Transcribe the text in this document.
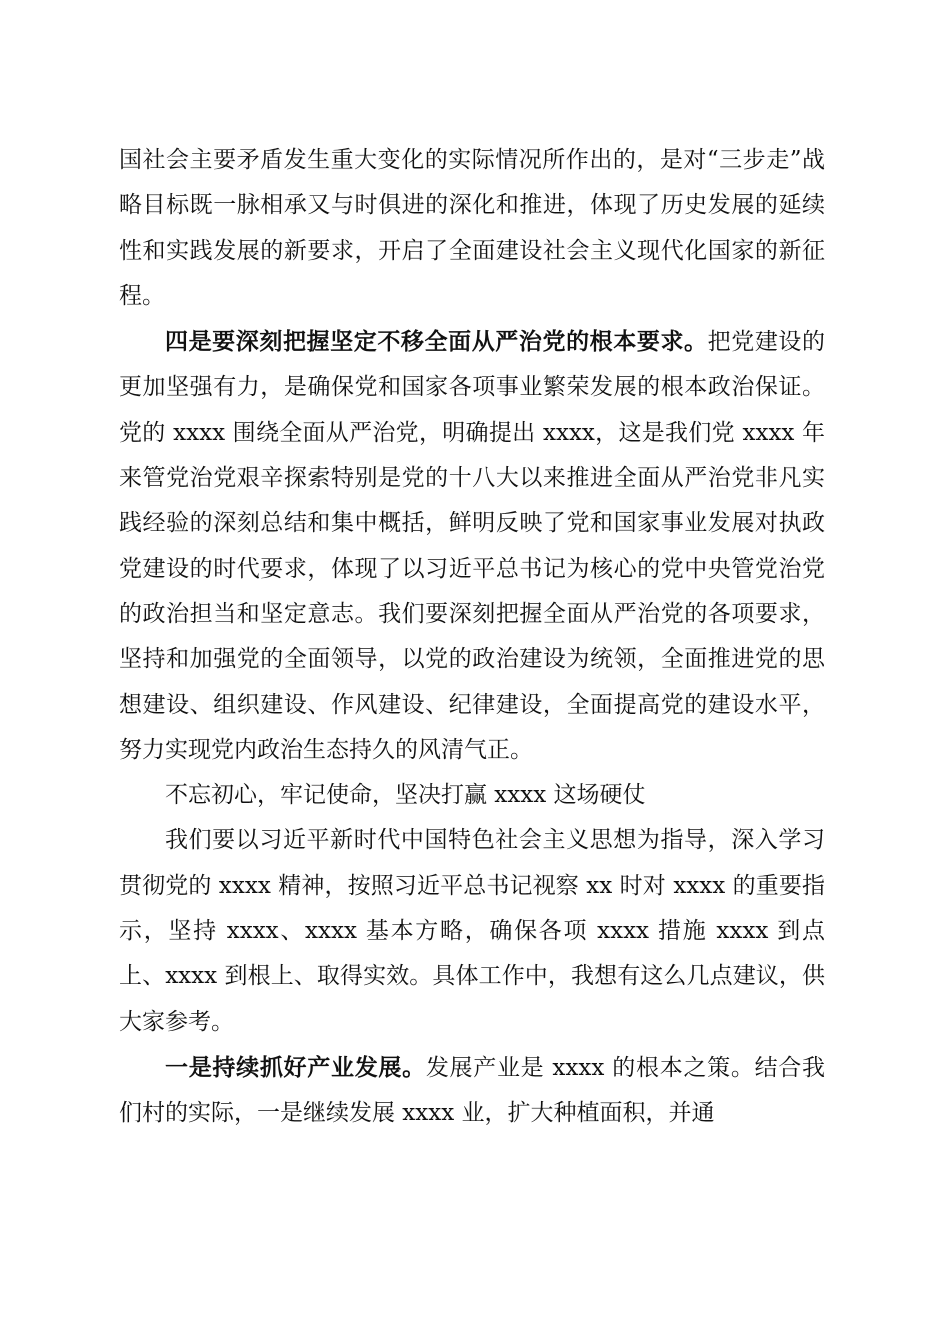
国社会主要矛盾发生重大变化的实际情况所作出的，是对“三步走”战略目标既一脉相承又与时俱进的深化和推进，体现了历史发展的延续性和实践发展的新要求，开启了全面建设社会主义现代化国家的新征程。

四是要深刻把握坚定不移全面从严治党的根本要求。把党建设的更加坚强有力，是确保党和国家各项事业繁荣发展的根本政治保证。党的 xxxx 围绕全面从严治党，明确提出 xxxx，这是我们党 xxxx 年来管党治党艰辛探索特别是党的十八大以来推进全面从严治党非凡实践经验的深刻总结和集中概括，鲜明反映了党和国家事业发展对执政党建设的时代要求，体现了以习近平总书记为核心的党中央管党治党的政治担当和坚定意志。我们要深刻把握全面从严治党的各项要求，坚持和加强党的全面领导，以党的政治建设为统领，全面推进党的思想建设、组织建设、作风建设、纪律建设，全面提高党的建设水平，努力实现党内政治生态持久的风清气正。

不忘初心，牢记使命，坚决打赢 xxxx 这场硬仗

我们要以习近平新时代中国特色社会主义思想为指导，深入学习贯彻党的 xxxx 精神，按照习近平总书记视察 xx 时对 xxxx 的重要指示，坚持 xxxx、xxxx 基本方略，确保各项 xxxx 措施 xxxx 到点上、xxxx 到根上、取得实效。具体工作中，我想有这么几点建议，供大家参考。

一是持续抓好产业发展。发展产业是 xxxx 的根本之策。结合我们村的实际，一是继续发展 xxxx 业，扩大种植面积，并通
